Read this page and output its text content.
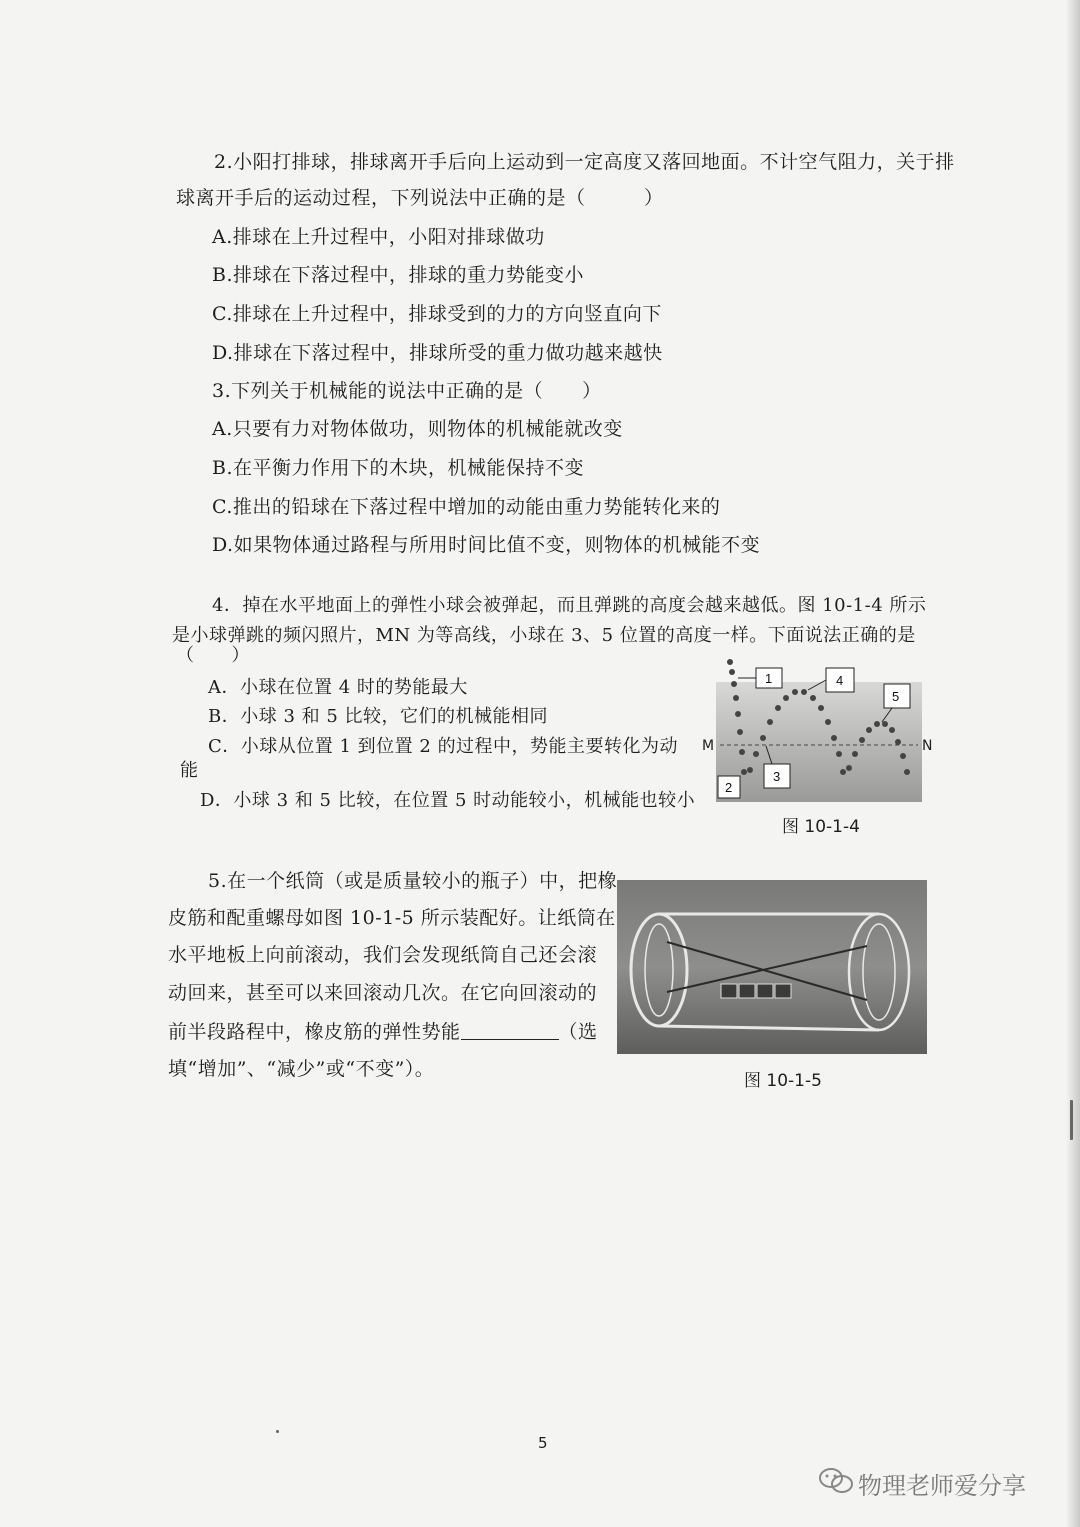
2.小阳打排球，排球离开手后向上运动到一定高度又落回地面。不计空气阻力，关于排
球离开手后的运动过程，下列说法中正确的是（　　　）
A.排球在上升过程中，小阳对排球做功
B.排球在下落过程中，排球的重力势能变小
C.排球在上升过程中，排球受到的力的方向竖直向下
D.排球在下落过程中，排球所受的重力做功越来越快
3.下列关于机械能的说法中正确的是（　　）
A.只要有力对物体做功，则物体的机械能就改变
B.在平衡力作用下的木块，机械能保持不变
C.推出的铅球在下落过程中增加的动能由重力势能转化来的
D.如果物体通过路程与所用时间比值不变，则物体的机械能不变
4．掉在水平地面上的弹性小球会被弹起，而且弹跳的高度会越来越低。图 10-1-4 所示
是小球弹跳的频闪照片，MN 为等高线，小球在 3、5 位置的高度一样。下面说法正确的是
（　　）
A．小球在位置 4 时的势能最大
B．小球 3 和 5 比较，它们的机械能相同
C．小球从位置 1 到位置 2 的过程中，势能主要转化为动
能
D．小球 3 和 5 比较，在位置 5 时动能较小，机械能也较小
1	4
5
2
3
M	N
图 10-1-4
5.在一个纸筒（或是质量较小的瓶子）中，把橡
皮筋和配重螺母如图 10-1-5 所示装配好。让纸筒在
水平地板上向前滚动，我们会发现纸筒自己还会滚
动回来，甚至可以来回滚动几次。在它向回滚动的
前半段路程中，橡皮筋的弹性势能	（选
填“增加”、“减少”或“不变”）。
图 10-1-5
5
物理老师爱分享
